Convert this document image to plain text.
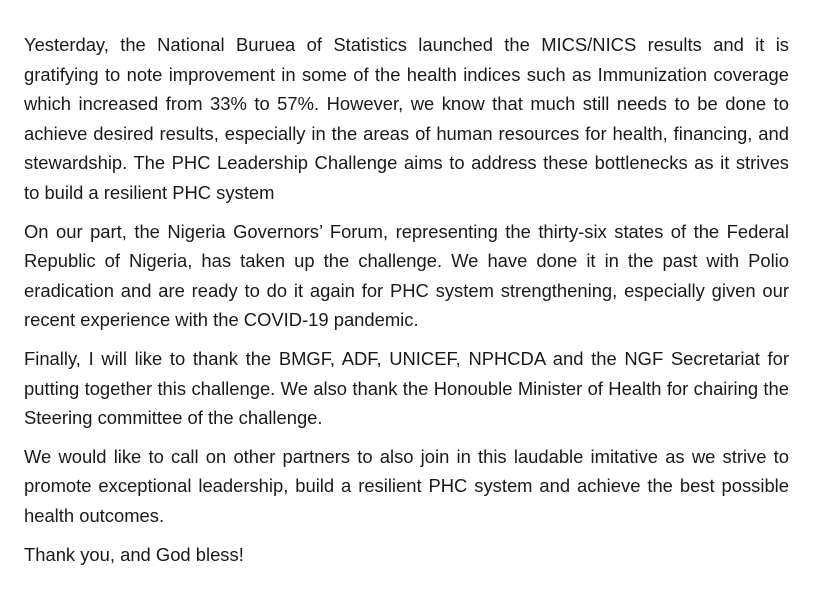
Yesterday, the National Buruea of Statistics launched the MICS/NICS results and it is gratifying to note improvement in some of the health indices such as Immunization coverage which increased from 33% to 57%. However, we know that much still needs to be done to achieve desired results, especially in the areas of human resources for health, financing, and stewardship. The PHC Leadership Challenge aims to address these bottlenecks as it strives to build a resilient PHC system

On our part, the Nigeria Governors’ Forum, representing the thirty-six states of the Federal Republic of Nigeria, has taken up the challenge. We have done it in the past with Polio eradication and are ready to do it again for PHC system strengthening, especially given our recent experience with the COVID-19 pandemic.

Finally, I will like to thank the BMGF, ADF, UNICEF, NPHCDA and the NGF Secretariat for putting together this challenge. We also thank the Honouble Minister of Health for chairing the Steering committee of the challenge.

We would like to call on other partners to also join in this laudable imitative as we strive to promote exceptional leadership, build a resilient PHC system and achieve the best possible health outcomes.

Thank you, and God bless!
